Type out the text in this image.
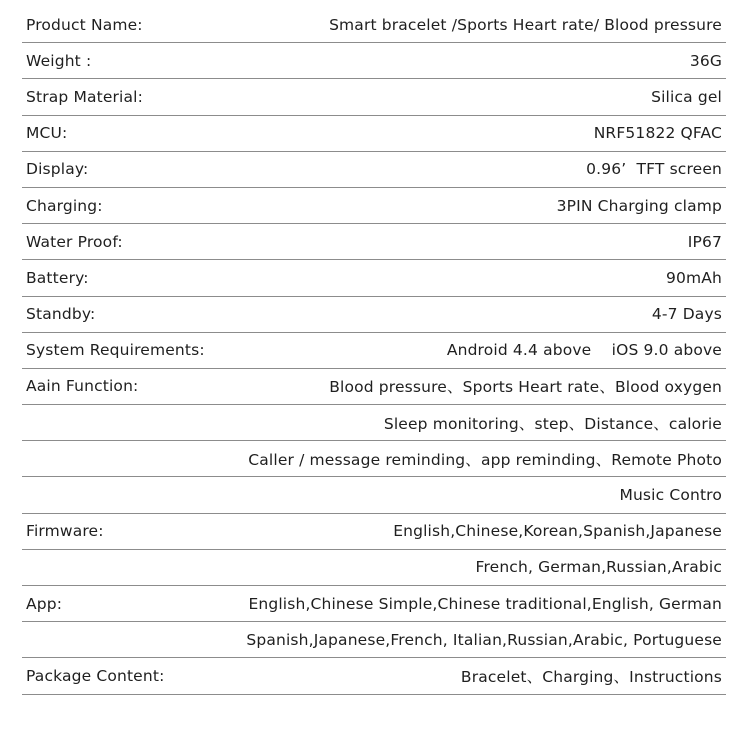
Product Name:	Smart bracelet /Sports Heart rate/ Blood pressure
Weight :	36G
Strap Material:	Silica gel
MCU:	NRF51822 QFAC
Display:	0.96’  TFT screen
Charging:	3PIN Charging clamp
Water Proof:	IP67
Battery:	90mAh
Standby:	4-7 Days
System Requirements:	Android 4.4 above    iOS 9.0 above
Aain Function:	Blood pressure、Sports Heart rate、Blood oxygen
Sleep monitoring、step、Distance、calorie
Caller / message reminding、app reminding、Remote Photo
Music Contro
Firmware:	English,Chinese,Korean,Spanish,Japanese
French, German,Russian,Arabic
App:	English,Chinese Simple,Chinese traditional,English, German
Spanish,Japanese,French, Italian,Russian,Arabic, Portuguese
Package Content:	Bracelet、Charging、Instructions
